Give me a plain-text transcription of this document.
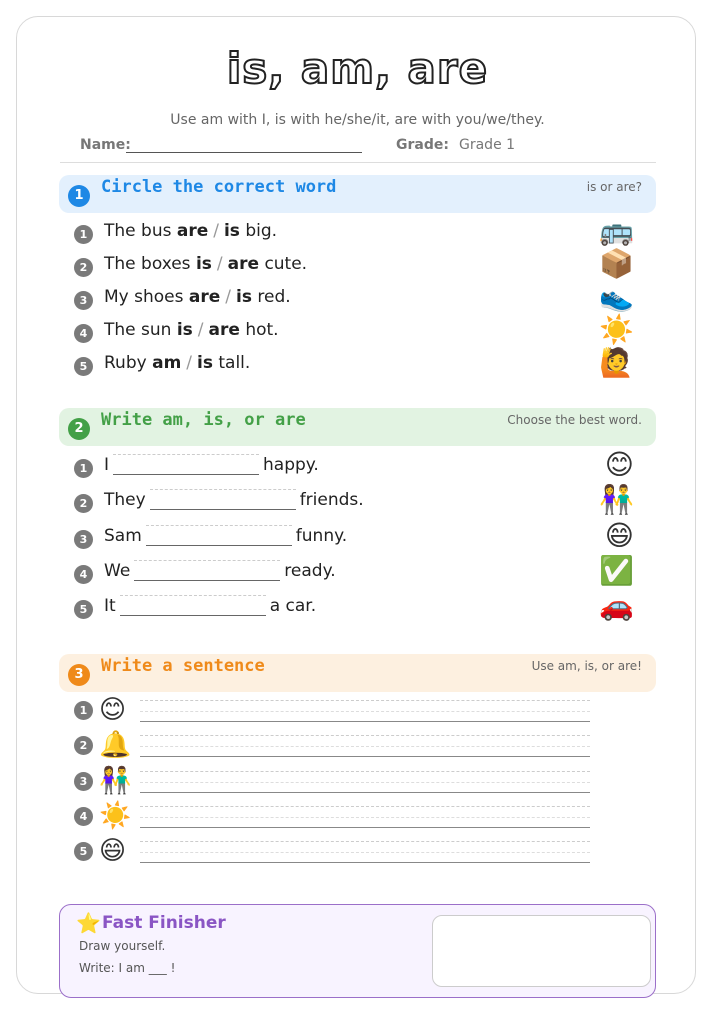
is, am, are
Use am with I, is with he/she/it, are with you/we/they.
Name:	Grade: Grade 1
1	Circle the correct word	is or are?
1 The bus are / is big.	🚌
2 The boxes is / are cute.	📦
3 My shoes are / is red.	👟
4 The sun is / are hot.	☀️
5 Ruby am / is tall.	🙋
2	Write am, is, or are	Choose the best word.
1 I	happy.	😊
2 They	friends.	👫
3 Sam	funny.	😄
4 We	ready.	✅
5 It	a car.	🚗
3	Write a sentence	Use am, is, or are!
1 😊
2 🔔
3 👫
4 ☀️
5 😄
⭐ Fast Finisher
Draw yourself.
Write: I am ___ !
